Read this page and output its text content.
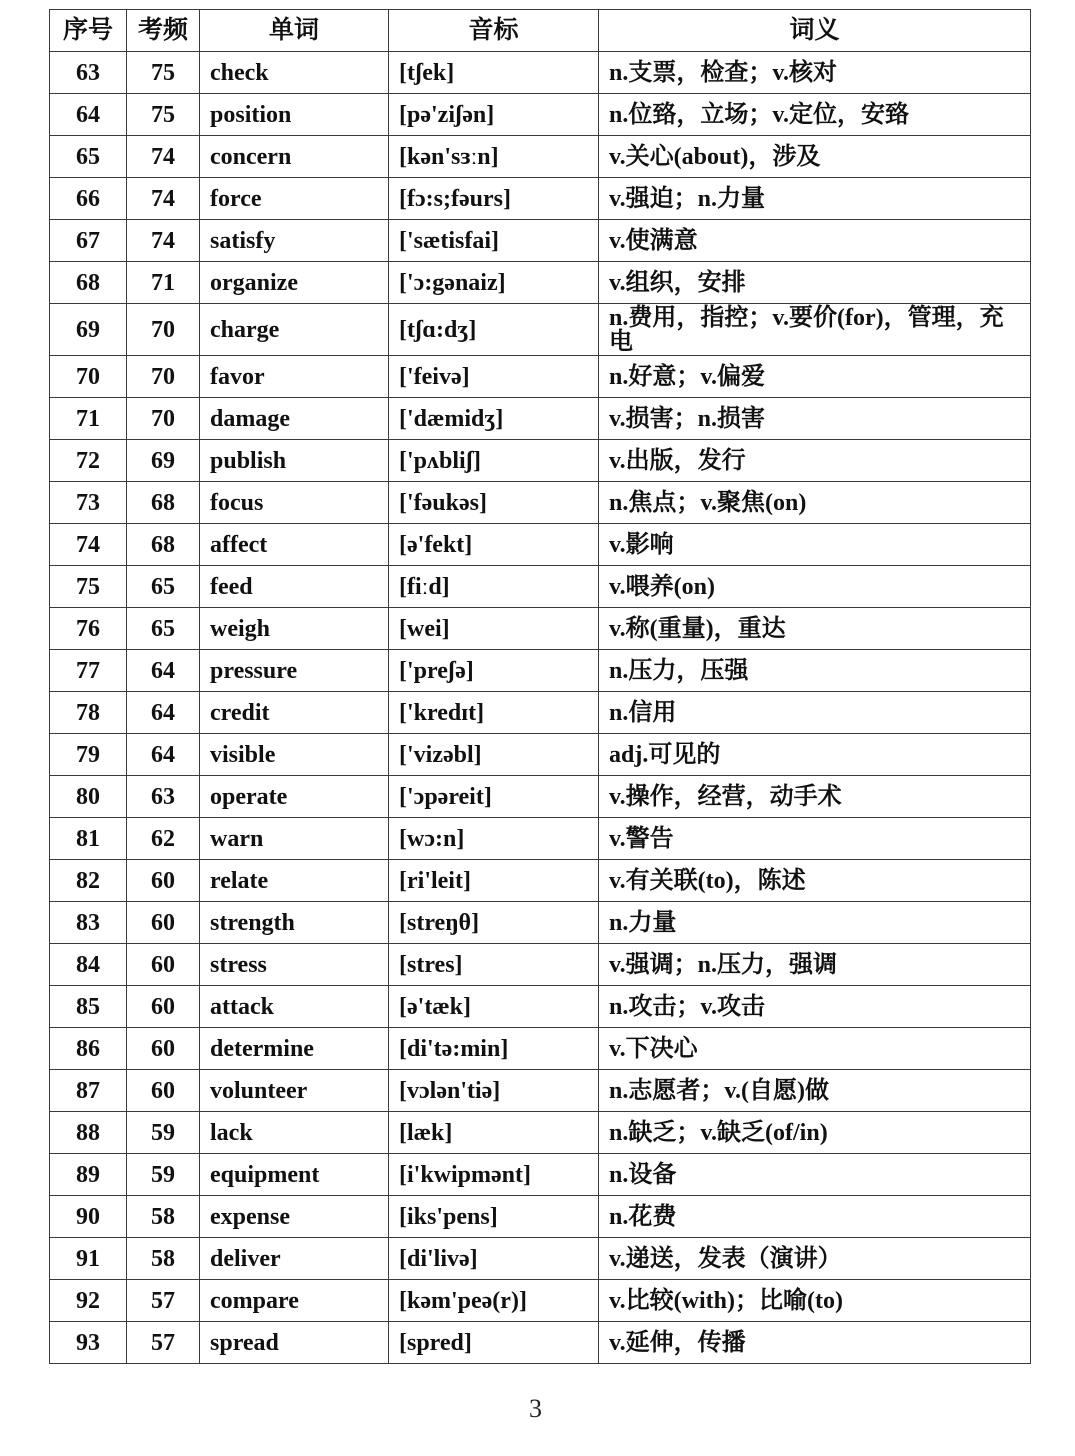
序号	考频	单词	音标	词义
63	75	check	[tʃek]	n.支票，检查；v.核对
64	75	position	[pə'ziʃən]	n.位臵，立场；v.定位，安臵
65	74	concern	[kən'sɜːn]	v.关心(about)，涉及
66	74	force	[fɔ:s;fəurs]	v.强迫；n.力量
67	74	satisfy	['sætisfai]	v.使满意
68	71	organize	['ɔ:gənaiz]	v.组织，安排
69	70	charge	[tʃɑ:dʒ]	n.费用，指控；v.要价(for)，管理，充电
70	70	favor	['feivə]	n.好意；v.偏爱
71	70	damage	['dæmidʒ]	v.损害；n.损害
72	69	publish	['pʌbliʃ]	v.出版，发行
73	68	focus	['fəukəs]	n.焦点；v.聚焦(on)
74	68	affect	[ə'fekt]	v.影响
75	65	feed	[fiːd]	v.喂养(on)
76	65	weigh	[wei]	v.称(重量)，重达
77	64	pressure	['preʃə]	n.压力，压强
78	64	credit	['kredɪt]	n.信用
79	64	visible	['vizəbl]	adj.可见的
80	63	operate	['ɔpəreit]	v.操作，经营，动手术
81	62	warn	[wɔ:n]	v.警告
82	60	relate	[ri'leit]	v.有关联(to)，陈述
83	60	strength	[streŋθ]	n.力量
84	60	stress	[stres]	v.强调；n.压力，强调
85	60	attack	[ə'tæk]	n.攻击；v.攻击
86	60	determine	[di'tə:min]	v.下决心
87	60	volunteer	[vɔlən'tiə]	n.志愿者；v.(自愿)做
88	59	lack	[læk]	n.缺乏；v.缺乏(of/in)
89	59	equipment	[i'kwipmənt]	n.设备
90	58	expense	[iks'pens]	n.花费
91	58	deliver	[di'livə]	v.递送，发表（演讲）
92	57	compare	[kəm'peə(r)]	v.比较(with)；比喻(to)
93	57	spread	[spred]	v.延伸，传播
3
